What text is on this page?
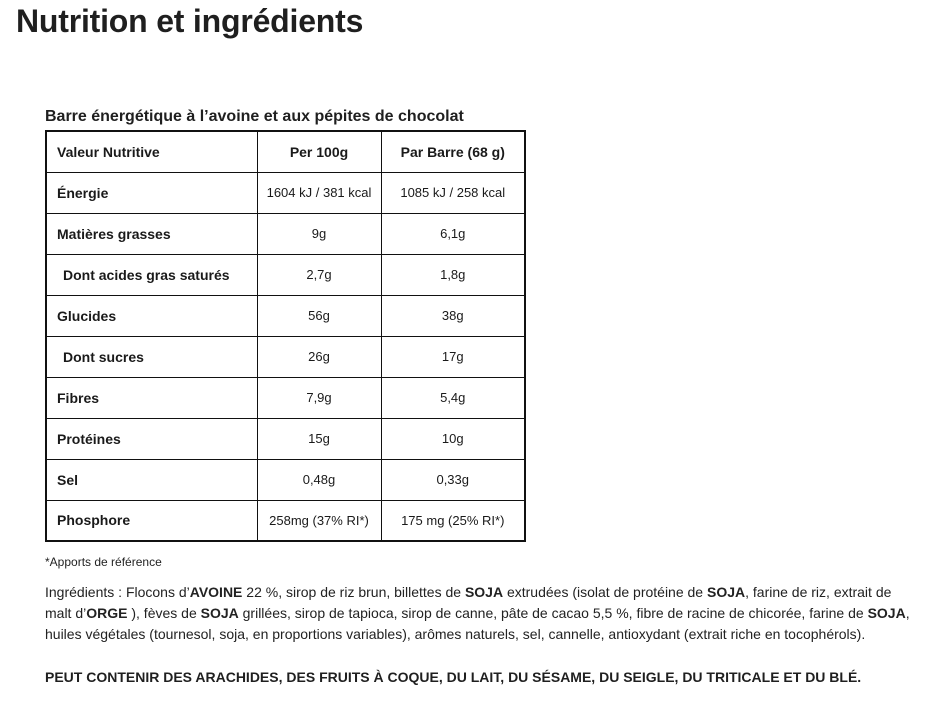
Nutrition et ingrédients
Barre énergétique à l’avoine et aux pépites de chocolat
Valeur Nutritive	Per 100g	Par Barre (68 g)
Énergie	1604 kJ / 381 kcal	1085 kJ / 258 kcal
Matières grasses	9g	6,1g
Dont acides gras saturés	2,7g	1,8g
Glucides	56g	38g
Dont sucres	26g	17g
Fibres	7,9g	5,4g
Protéines	15g	10g
Sel	0,48g	0,33g
Phosphore	258mg (37% RI*)	175 mg (25% RI*)
*Apports de référence

Ingrédients : Flocons d’AVOINE 22 %, sirop de riz brun, billettes de SOJA extrudées (isolat de protéine de SOJA, farine de riz, extrait de malt d’ORGE ), fèves de SOJA grillées, sirop de tapioca, sirop de canne, pâte de cacao 5,5 %, fibre de racine de chicorée, farine de SOJA, huiles végétales (tournesol, soja, en proportions variables), arômes naturels, sel, cannelle, antioxydant (extrait riche en tocophérols).

PEUT CONTENIR DES ARACHIDES, DES FRUITS À COQUE, DU LAIT, DU SÉSAME, DU SEIGLE, DU TRITICALE ET DU BLÉ.
